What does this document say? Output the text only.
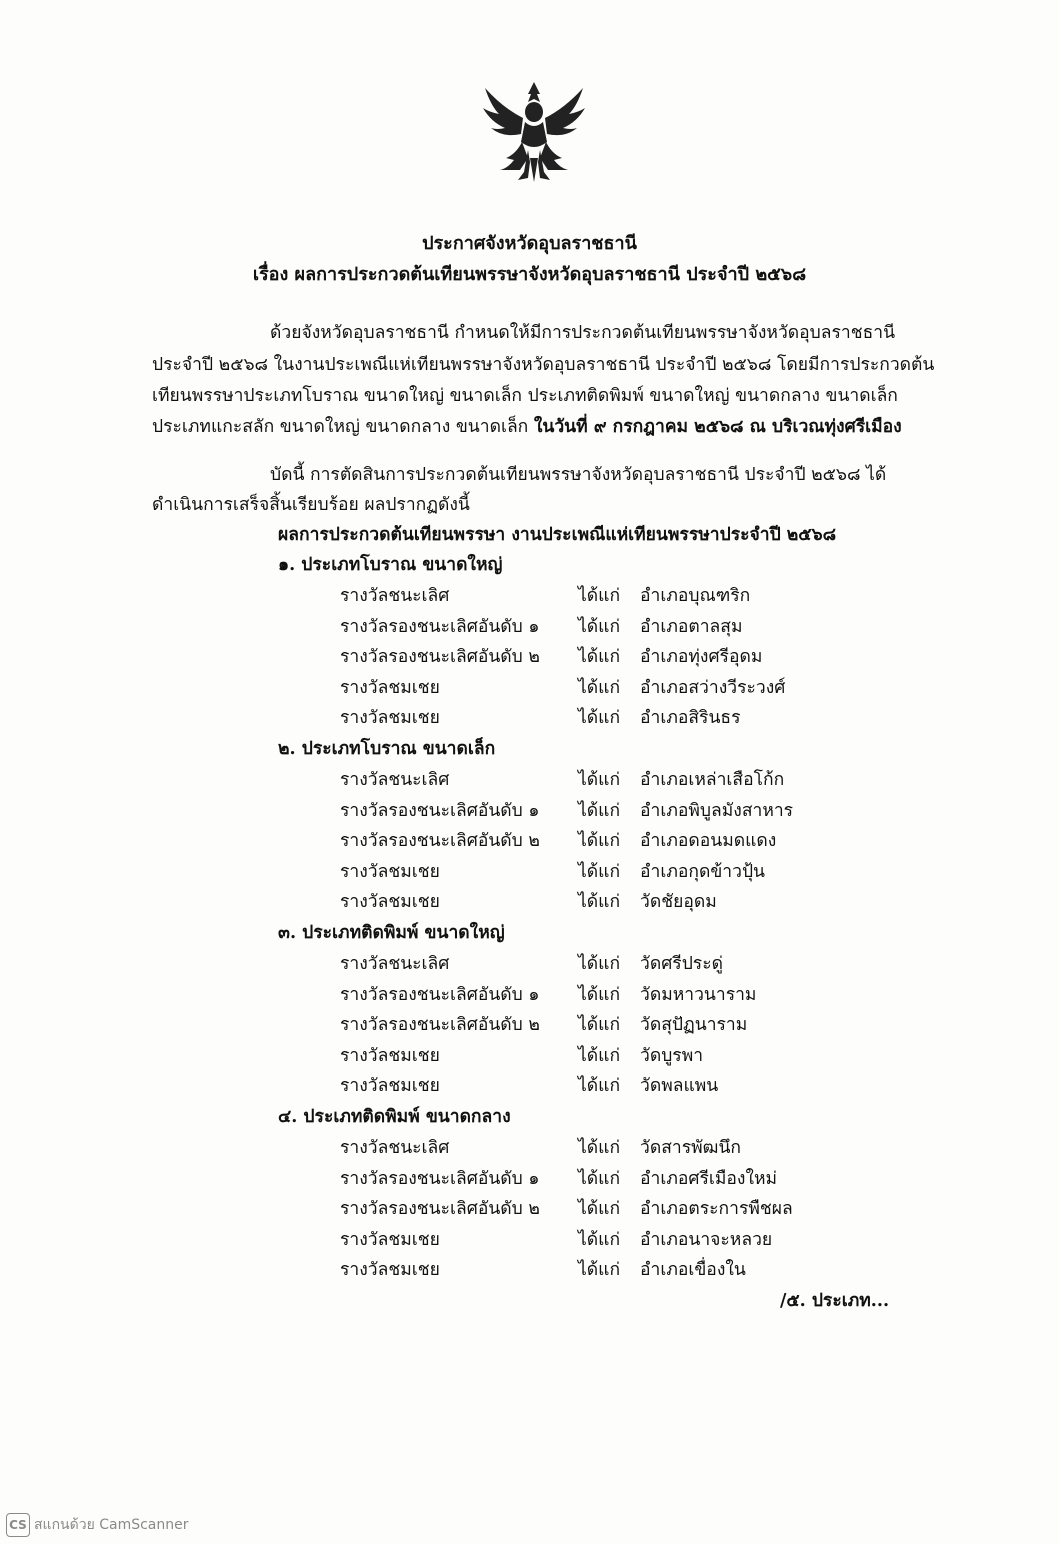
ประกาศจังหวัดอุบลราชธานี
เรื่อง ผลการประกวดต้นเทียนพรรษาจังหวัดอุบลราชธานี ประจำปี ๒๕๖๘
ด้วยจังหวัดอุบลราชธานี กำหนดให้มีการประกวดต้นเทียนพรรษาจังหวัดอุบลราชธานี
ประจำปี ๒๕๖๘ ในงานประเพณีแห่เทียนพรรษาจังหวัดอุบลราชธานี ประจำปี ๒๕๖๘ โดยมีการประกวดต้น
เทียนพรรษาประเภทโบราณ ขนาดใหญ่ ขนาดเล็ก ประเภทติดพิมพ์ ขนาดใหญ่ ขนาดกลาง ขนาดเล็ก
ประเภทแกะสลัก ขนาดใหญ่ ขนาดกลาง ขนาดเล็ก ในวันที่ ๙ กรกฎาคม ๒๕๖๘ ณ บริเวณทุ่งศรีเมือง
บัดนี้ การตัดสินการประกวดต้นเทียนพรรษาจังหวัดอุบลราชธานี ประจำปี ๒๕๖๘ ได้
ดำเนินการเสร็จสิ้นเรียบร้อย ผลปรากฏดังนี้
ผลการประกวดต้นเทียนพรรษา งานประเพณีแห่เทียนพรรษาประจำปี ๒๕๖๘
๑. ประเภทโบราณ ขนาดใหญ่
รางวัลชนะเลิศ	ได้แก่ อำเภอบุณฑริก
รางวัลรองชนะเลิศอันดับ ๑ ได้แก่ อำเภอตาลสุม
รางวัลรองชนะเลิศอันดับ ๒ ได้แก่ อำเภอทุ่งศรีอุดม
รางวัลชมเชย	ได้แก่ อำเภอสว่างวีระวงศ์
รางวัลชมเชย	ได้แก่ อำเภอสิรินธร
๒. ประเภทโบราณ ขนาดเล็ก
รางวัลชนะเลิศ	ได้แก่ อำเภอเหล่าเสือโก้ก
รางวัลรองชนะเลิศอันดับ ๑ ได้แก่ อำเภอพิบูลมังสาหาร
รางวัลรองชนะเลิศอันดับ ๒ ได้แก่ อำเภอดอนมดแดง
รางวัลชมเชย	ได้แก่ อำเภอกุดข้าวปุ้น
รางวัลชมเชย	ได้แก่ วัดชัยอุดม
๓. ประเภทติดพิมพ์ ขนาดใหญ่
รางวัลชนะเลิศ	ได้แก่ วัดศรีประดู่
รางวัลรองชนะเลิศอันดับ ๑ ได้แก่ วัดมหาวนาราม
รางวัลรองชนะเลิศอันดับ ๒ ได้แก่ วัดสุปัฏนาราม
รางวัลชมเชย	ได้แก่ วัดบูรพา
รางวัลชมเชย	ได้แก่ วัดพลแพน
๔. ประเภทติดพิมพ์ ขนาดกลาง
รางวัลชนะเลิศ	ได้แก่ วัดสารพัฒนึก
รางวัลรองชนะเลิศอันดับ ๑ ได้แก่ อำเภอศรีเมืองใหม่
รางวัลรองชนะเลิศอันดับ ๒ ได้แก่ อำเภอตระการพืชผล
รางวัลชมเชย	ได้แก่ อำเภอนาจะหลวย
รางวัลชมเชย	ได้แก่ อำเภอเขื่องใน
/๕. ประเภท...
CS สแกนด้วย CamScanner
